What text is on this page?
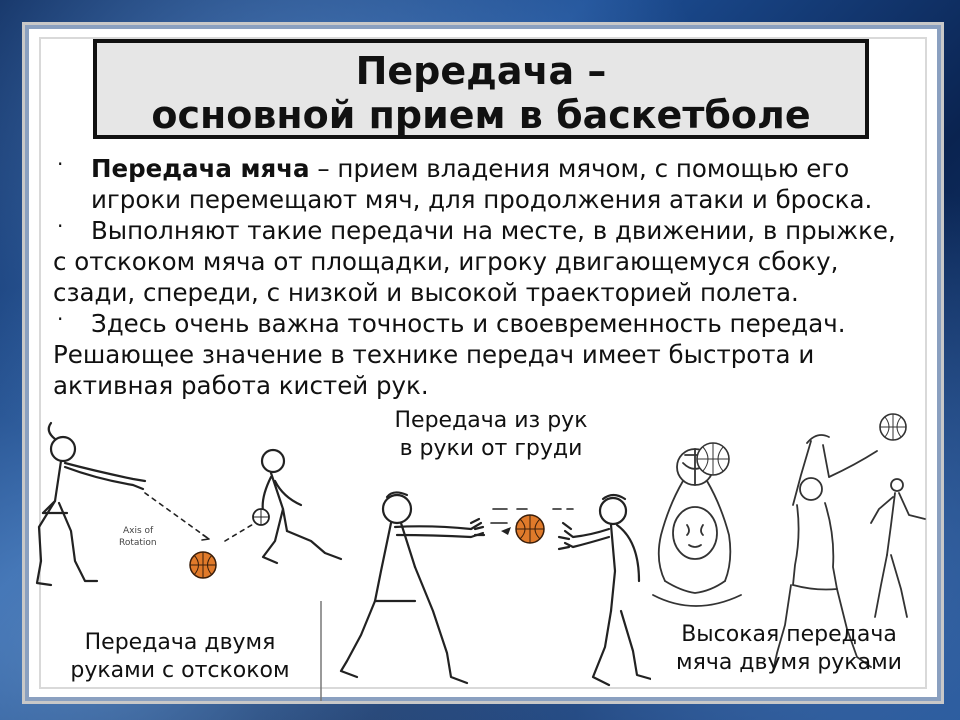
Передача –
основной прием в баскетболе
·	Передача мяча – прием владения мячом, с помощью его
игроки перемещают мяч, для продолжения атаки и броска.
·	Выполняют такие передачи на месте, в движении, в прыжке,
с отскоком мяча от площадки, игроку двигающемуся сбоку,
сзади, спереди, с низкой и высокой траекторией полета.
·	Здесь очень важна точность и своевременность передач.
Решающее значение в технике передач имеет быстрота и
активная работа кистей рук.
Axis of
Rotation
Передача двумя
руками с отскоком
Передача из рук
в руки от груди
Высокая передача
мяча двумя руками
